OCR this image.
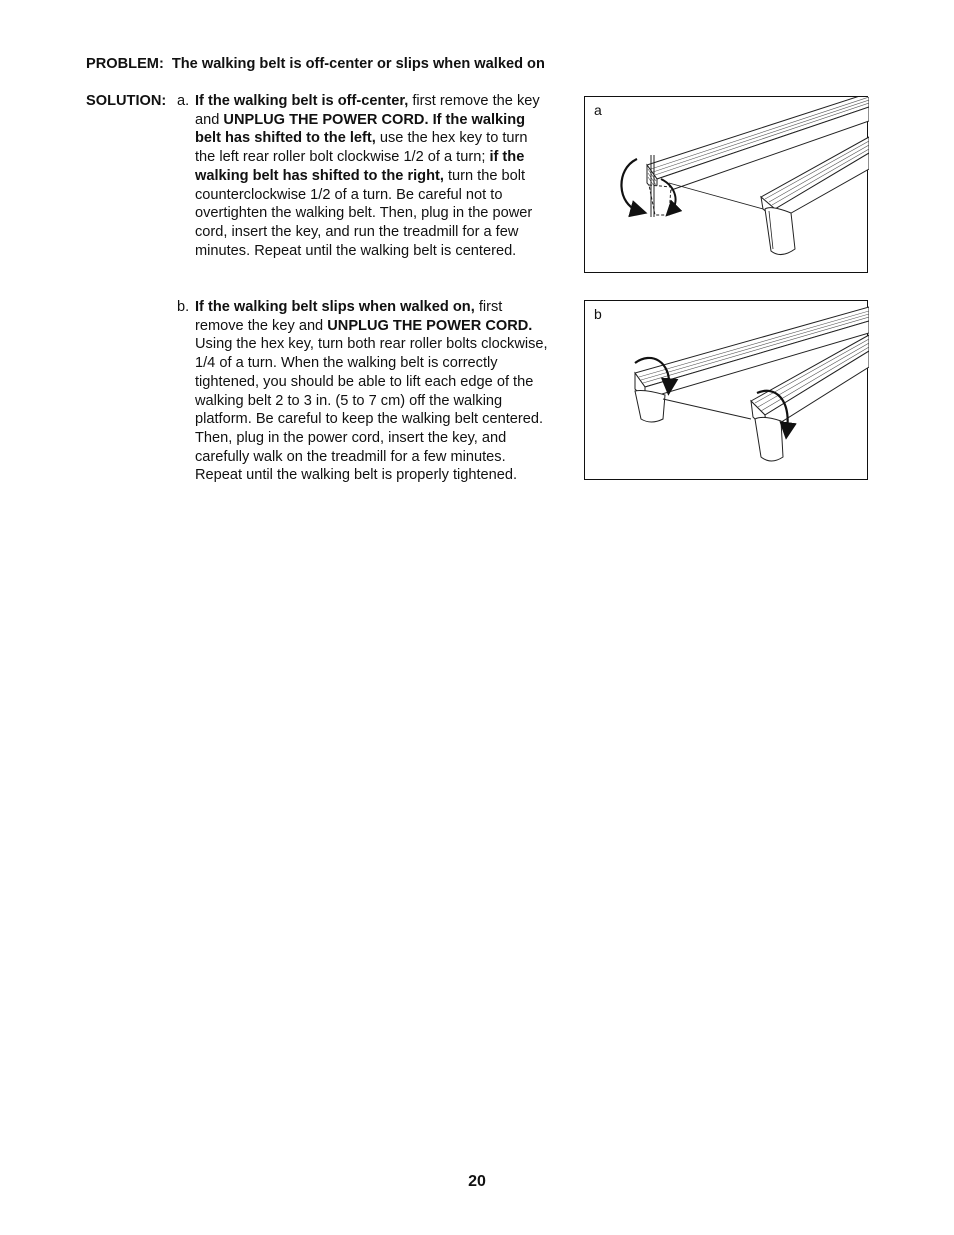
PROBLEM: The walking belt is off-center or slips when walked on
SOLUTION: a. If the walking belt is off-center, first remove the key and UNPLUG THE POWER CORD. If the walking belt has shifted to the left, use the hex key to turn the left rear roller bolt clockwise 1/2 of a turn; if the walking belt has shifted to the right, turn the bolt counterclockwise 1/2 of a turn. Be careful not to overtighten the walking belt. Then, plug in the power cord, insert the key, and run the treadmill for a few minutes. Repeat until the walking belt is centered.
b. If the walking belt slips when walked on, first remove the key and UNPLUG THE POWER CORD. Using the hex key, turn both rear roller bolts clockwise, 1/4 of a turn. When the walking belt is correctly tightened, you should be able to lift each edge of the walking belt 2 to 3 in. (5 to 7 cm) off the walking platform. Be careful to keep the walking belt centered. Then, plug in the power cord, insert the key, and carefully walk on the treadmill for a few minutes. Repeat until the walking belt is properly tightened.
a
b
20
